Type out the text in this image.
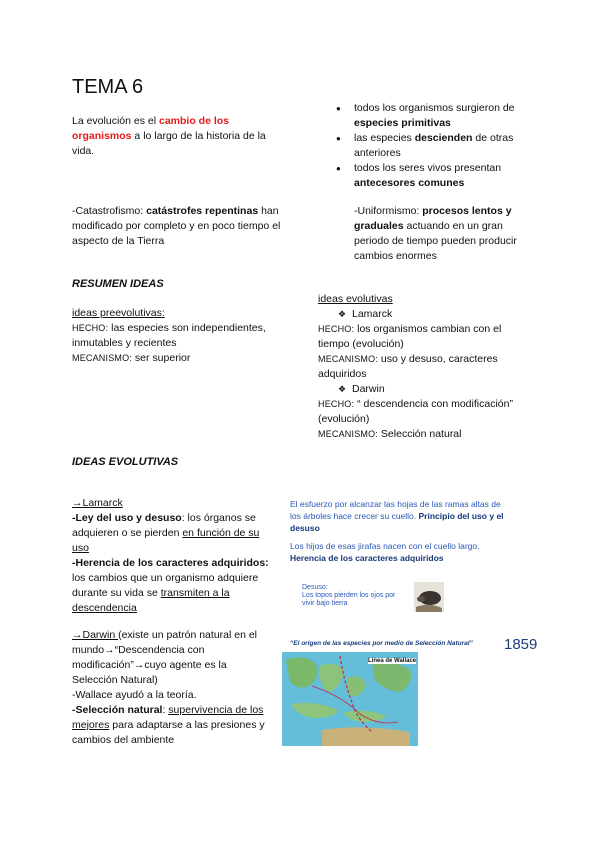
TEMA 6
La evolución es el cambio de los organismos a lo largo de la historia de la vida.
● todos los organismos surgieron de especies primitivas
● las especies descienden de otras anteriores
● todos los seres vivos presentan antecesores comunes
-Catastrofismo: catástrofes repentinas han modificado por completo y en poco tiempo el aspecto de la Tierra
-Uniformismo: procesos lentos y graduales actuando en un gran periodo de tiempo pueden producir cambios enormes
RESUMEN IDEAS
ideas preevolutivas:
HECHO: las especies son independientes, inmutables y recientes
MECANISMO: ser superior
ideas evolutivas
❖ Lamarck
HECHO: los organismos cambian con el tiempo (evolución)
MECANISMO: uso y desuso, caracteres adquiridos
❖ Darwin
HECHO: “ descendencia con modificación” (evolución)
MECANISMO: Selección natural
IDEAS EVOLUTIVAS
→Lamarck
-Ley del uso y desuso: los órganos se adquieren o se pierden en función de su uso
-Herencia de los caracteres adquiridos: los cambios que un organismo adquiere durante su vida se transmiten a la descendencia
→Darwin (existe un patrón natural en el mundo→“Descendencia con modificación”→cuyo agente es la Selección Natural)
-Wallace ayudó a la teoría.
-Selección natural: supervivencia de los mejores para adaptarse a las presiones y cambios del ambiente
El esfuerzo por alcanzar las hojas de las ramas altas de los árboles hace crecer su cuello. Principio del uso y el desuso
Los hijos de esas jirafas nacen con el cuello largo.
Herencia de los caracteres adquiridos
Desuso:
Los topos pierden los ojos por vivir bajo tierra
“El origen de las especies por medio de Selección Natural” 1859
Línea de Wallace
